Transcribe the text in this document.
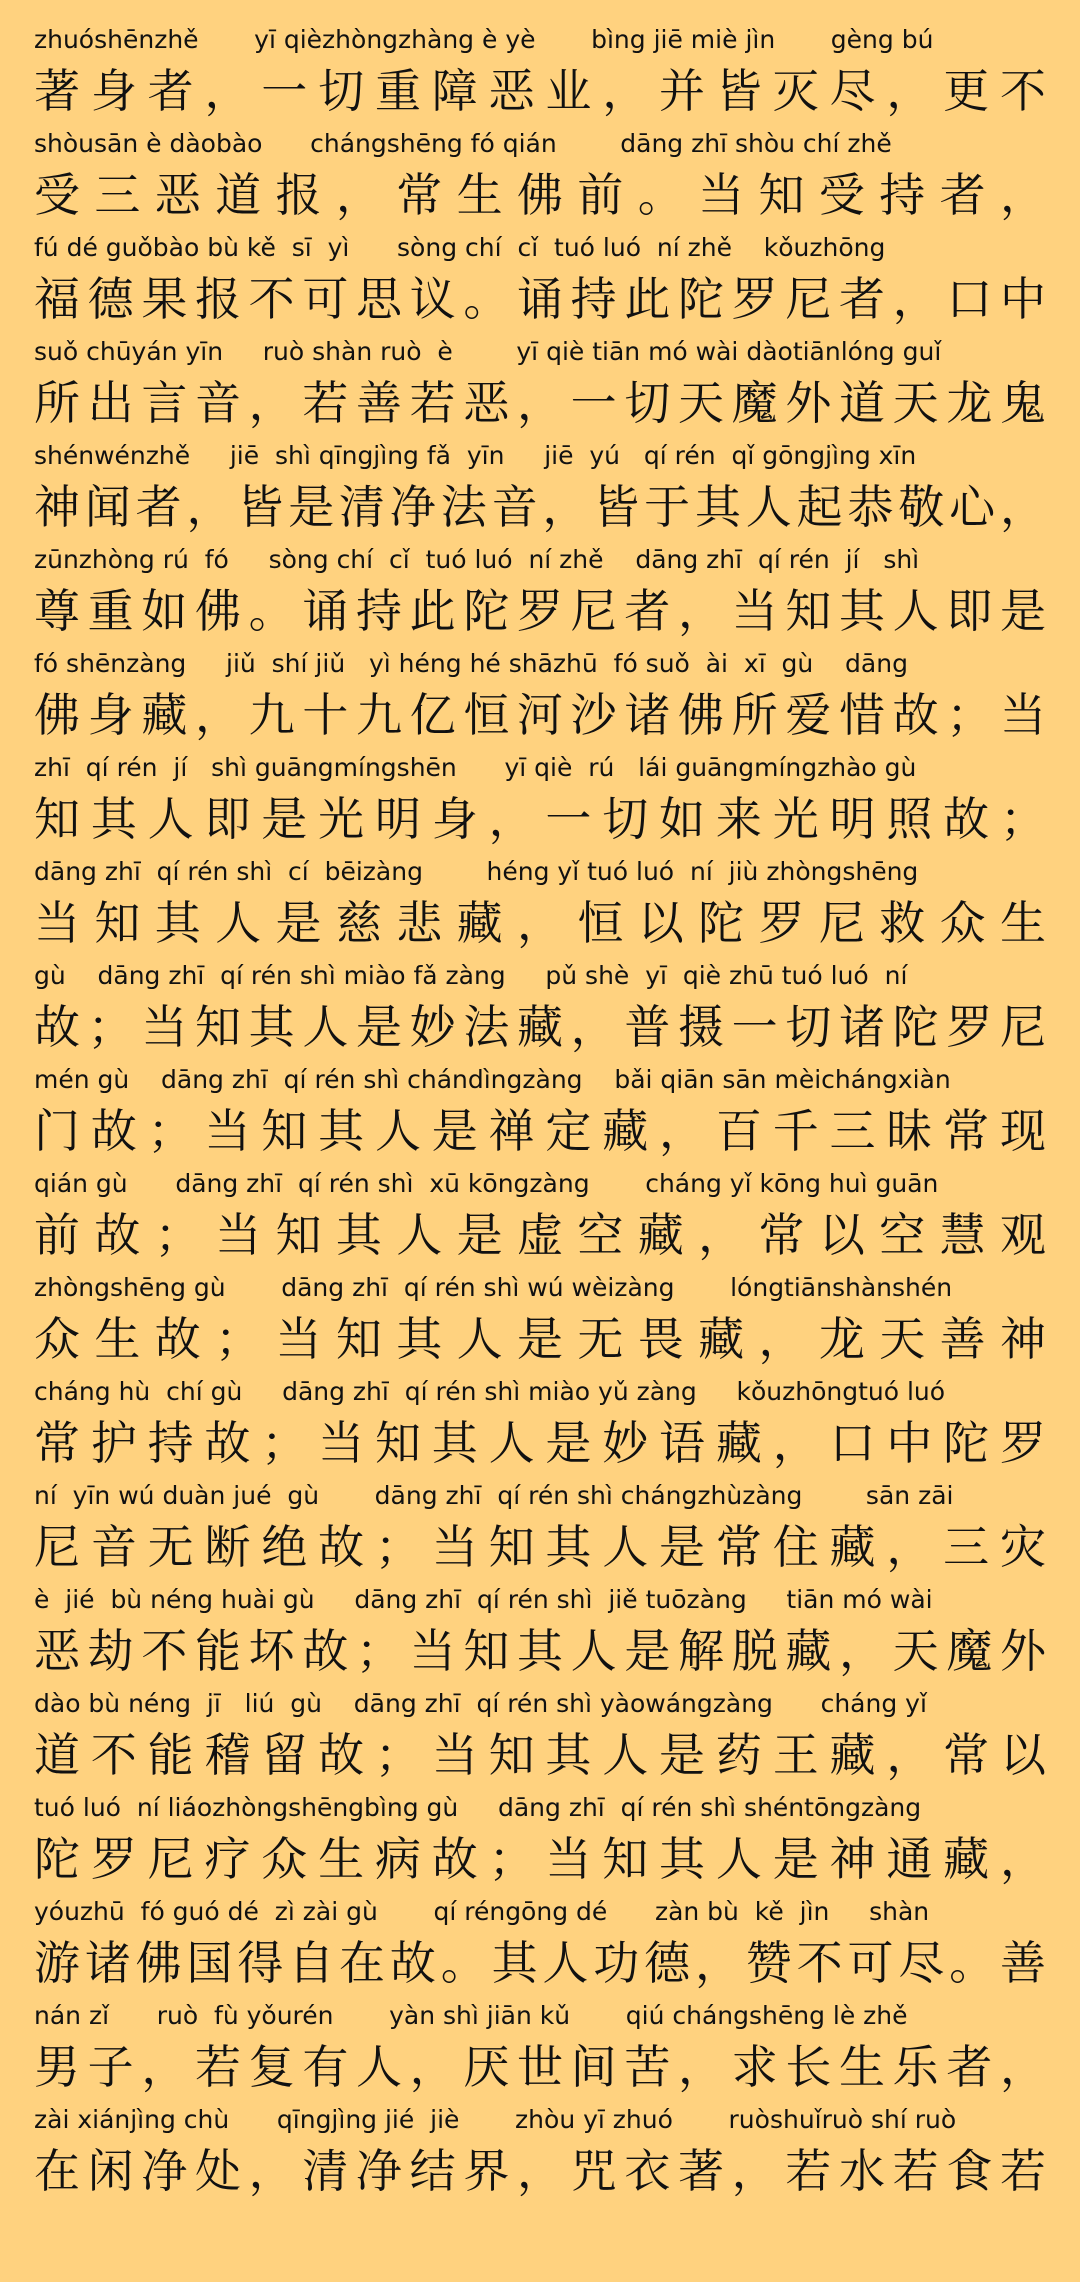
zhuóshēnzhě       yī qièzhòngzhàng è yè       bìng jiē miè jìn       gèng bú
著身者，一切重障恶业，并皆灭尽，更不
shòusān è dàobào      chángshēng fó qián        dāng zhī shòu chí zhě
受三恶道报，常生佛前。当知受持者，
fú dé guǒbào bù kě  sī  yì      sòng chí  cǐ  tuó luó  ní zhě    kǒuzhōng
福德果报不可思议。诵持此陀罗尼者，口中
suǒ chūyán yīn     ruò shàn ruò  è        yī qiè tiān mó wài dàotiānlóng guǐ
所出言音，若善若恶，一切天魔外道天龙鬼
shénwénzhě     jiē  shì qīngjìng fǎ  yīn     jiē  yú   qí rén  qǐ gōngjìng xīn
神闻者，皆是清净法音，皆于其人起恭敬心，
zūnzhòng rú  fó     sòng chí  cǐ  tuó luó  ní zhě    dāng zhī  qí rén  jí   shì
尊重如佛。诵持此陀罗尼者，当知其人即是
fó shēnzàng     jiǔ  shí jiǔ   yì héng hé shāzhū  fó suǒ  ài  xī  gù    dāng
佛身藏，九十九亿恒河沙诸佛所爱惜故；当
zhī  qí rén  jí   shì guāngmíngshēn      yī qiè  rú   lái guāngmíngzhào gù
知其人即是光明身，一切如来光明照故；
dāng zhī  qí rén shì  cí  bēizàng        héng yǐ tuó luó  ní  jiù zhòngshēng
当知其人是慈悲藏，恒以陀罗尼救众生
gù    dāng zhī  qí rén shì miào fǎ zàng     pǔ shè  yī  qiè zhū tuó luó  ní
故；当知其人是妙法藏，普摄一切诸陀罗尼
mén gù    dāng zhī  qí rén shì chándìngzàng    bǎi qiān sān mèichángxiàn
门故；当知其人是禅定藏，百千三昧常现
qián gù      dāng zhī  qí rén shì  xū kōngzàng       cháng yǐ kōng huì guān
前故；当知其人是虚空藏，常以空慧观
zhòngshēng gù       dāng zhī  qí rén shì wú wèizàng       lóngtiānshànshén
众生故；当知其人是无畏藏，龙天善神
cháng hù  chí gù     dāng zhī  qí rén shì miào yǔ zàng     kǒuzhōngtuó luó
常护持故；当知其人是妙语藏，口中陀罗
ní  yīn wú duàn jué  gù       dāng zhī  qí rén shì chángzhùzàng        sān zāi
尼音无断绝故；当知其人是常住藏，三灾
è  jié  bù néng huài gù     dāng zhī  qí rén shì  jiě tuōzàng     tiān mó wài
恶劫不能坏故；当知其人是解脱藏，天魔外
dào bù néng  jī   liú  gù    dāng zhī  qí rén shì yàowángzàng      cháng yǐ
道不能稽留故；当知其人是药王藏，常以
tuó luó  ní liáozhòngshēngbìng gù     dāng zhī  qí rén shì shéntōngzàng
陀罗尼疗众生病故；当知其人是神通藏，
yóuzhū  fó guó dé  zì zài gù       qí réngōng dé      zàn bù  kě  jìn     shàn
游诸佛国得自在故。其人功德，赞不可尽。善
nán zǐ      ruò  fù yǒurén       yàn shì jiān kǔ       qiú chángshēng lè zhě
男子，若复有人，厌世间苦，求长生乐者，
zài xiánjìng chù      qīngjìng jié  jiè       zhòu yī zhuó       ruòshuǐruò shí ruò
在闲净处，清净结界，咒衣著，若水若食若
